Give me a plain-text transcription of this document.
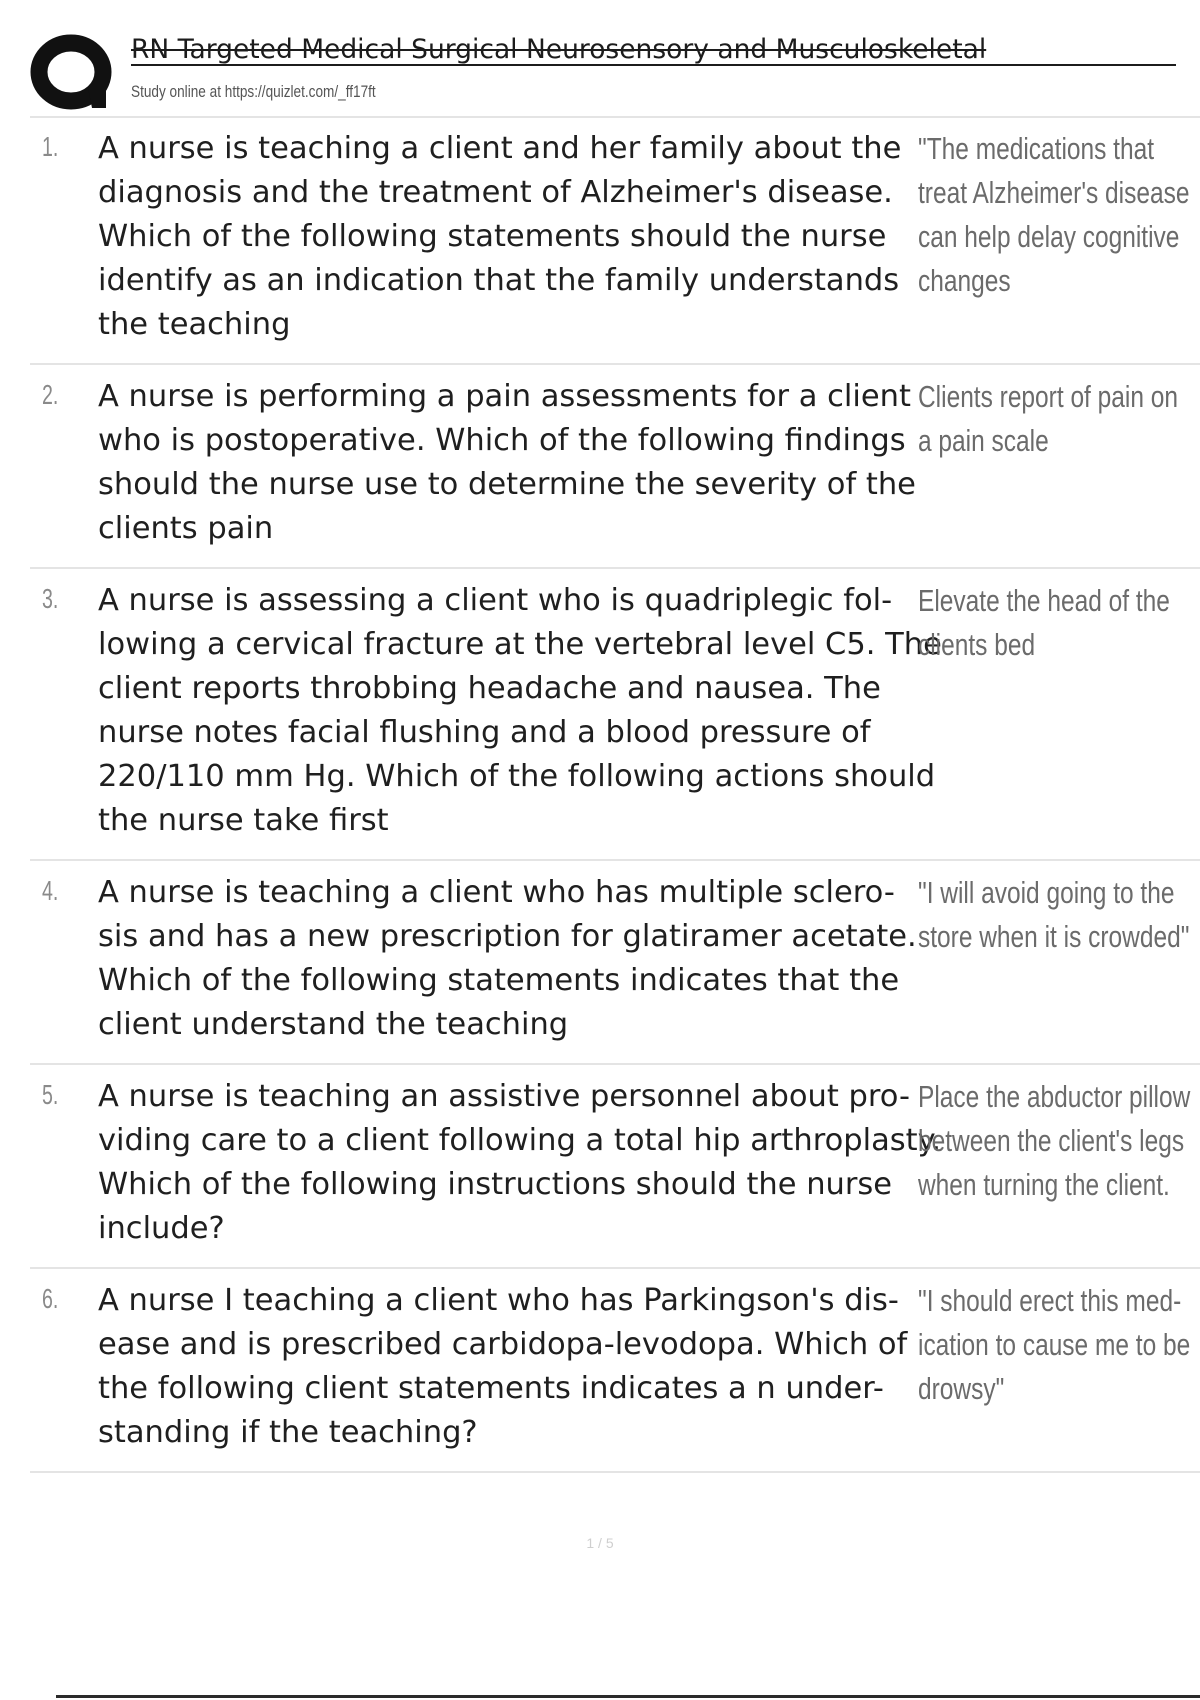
RN Targeted Medical Surgical Neurosensory and Musculoskeletal
Study online at https://quizlet.com/_ff17ft
1. A nurse is teaching a client and her family about the diagnosis and the treatment of Alzheimer's disease. Which of the following statements should the nurse identify as an indication that the family understands the teaching
"The medications that treat Alzheimer's disease can help delay cognitive changes
2. A nurse is performing a pain assessments for a client who is postoperative. Which of the following findings should the nurse use to determine the severity of the clients pain
Clients report of pain on a pain scale
3. A nurse is assessing a client who is quadriplegic fol- lowing a cervical fracture at the vertebral level C5. The client reports throbbing headache and nausea. The nurse notes facial flushing and a blood pressure of 220/110 mm Hg. Which of the following actions should the nurse take first
Elevate the head of the clients bed
4. A nurse is teaching a client who has multiple sclero- sis and has a new prescription for glatiramer acetate. Which of the following statements indicates that the client understand the teaching
"I will avoid going to the store when it is crowded"
5. A nurse is teaching an assistive personnel about pro- viding care to a client following a total hip arthroplasty. Which of the following instructions should the nurse include?
Place the abductor pillow between the client's legs when turning the client.
6. A nurse I teaching a client who has Parkingson's dis- ease and is prescribed carbidopa-levodopa. Which of the following client statements indicates a n under- standing if the teaching?
"I should erect this med- ication to cause me to be drowsy"
1 / 5
